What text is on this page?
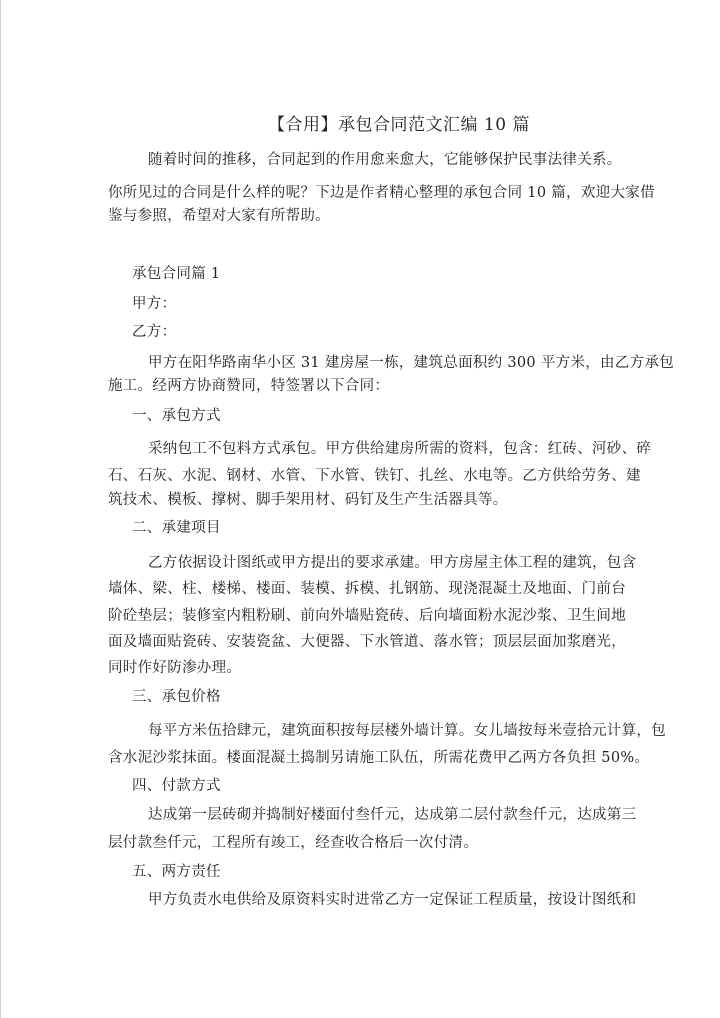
【合用】承包合同范文汇编 10 篇
随着时间的推移，合同起到的作用愈来愈大，它能够保护民事法律关系。
你所见过的合同是什么样的呢？下边是作者精心整理的承包合同 10 篇，欢迎大家借
鉴与参照，希望对大家有所帮助。
承包合同篇 1
甲方：
乙方：
甲方在阳华路南华小区 31 建房屋一栋，建筑总面积约 300 平方米，由乙方承包
施工。经两方协商赞同，特签署以下合同：
一、承包方式
采纳包工不包料方式承包。甲方供给建房所需的资料，包含：红砖、河砂、碎
石、石灰、水泥、钢材、水管、下水管、铁钉、扎丝、水电等。乙方供给劳务、建
筑技术、模板、撑树、脚手架用材、码钉及生产生活器具等。
二、承建项目
乙方依据设计图纸或甲方提出的要求承建。甲方房屋主体工程的建筑，包含
墙体、梁、柱、楼梯、楼面、装模、拆模、扎钢筋、现浇混凝土及地面、门前台
阶砼垫层；装修室内粗粉刷、前向外墙贴瓷砖、后向墙面粉水泥沙浆、卫生间地
面及墙面贴瓷砖、安装瓷盆、大便器、下水管道、落水管；顶层层面加浆磨光，
同时作好防渗办理。
三、承包价格
每平方米伍拾肆元，建筑面积按每层楼外墙计算。女儿墙按每米壹拾元计算，包
含水泥沙浆抹面。楼面混凝土捣制另请施工队伍，所需花费甲乙两方各负担 50%。
四、付款方式
达成第一层砖砌并捣制好楼面付叁仟元，达成第二层付款叁仟元，达成第三
层付款叁仟元，工程所有竣工，经查收合格后一次付清。
五、两方责任
甲方负责水电供给及原资料实时进常乙方一定保证工程质量，按设计图纸和
